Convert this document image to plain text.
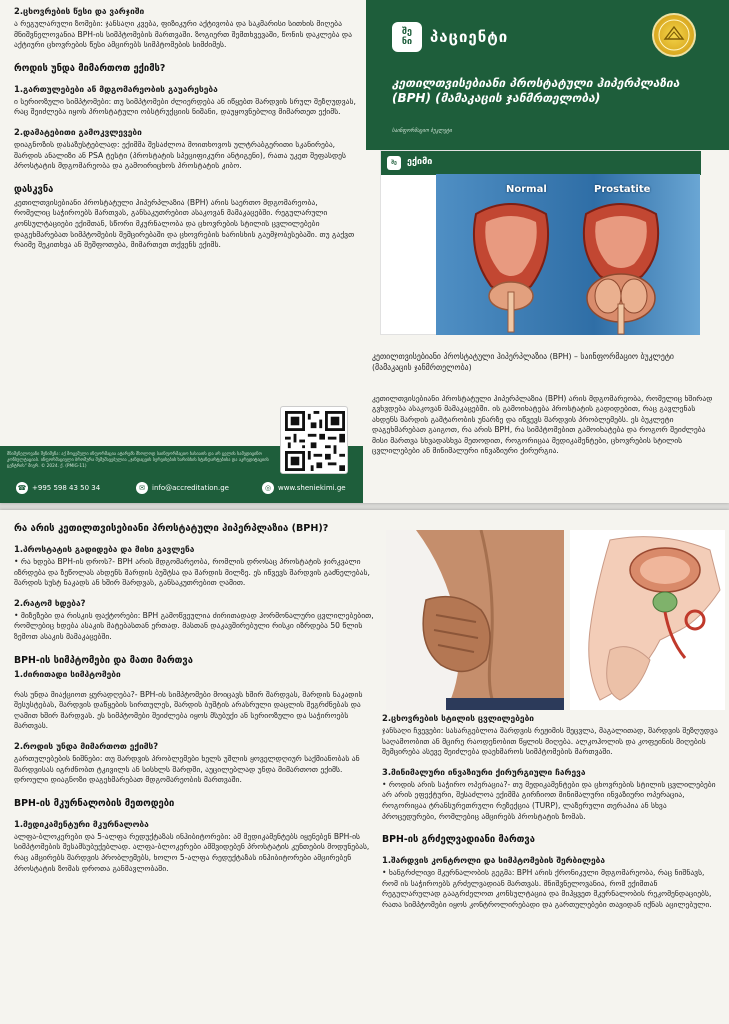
2.ცხოვრების წესი და ვარჯიში
ა რეგულარული ზომები: ჯანსაღი კვება, ფიზიკური აქტივობა და საკმარისი სითხის მიღება მნიშვნელოვანია BPH-ის სიმპტომების მართვაში. ზოგიერთ შემთხვევაში, წონის დაკლება და აქტიური ცხოვრების წესი ამცირებს სიმპტომების სიმძიმეს.
როდის უნდა მიმართოთ ექიმს?
1.გართულებები ან მდგომარეობის გაუარესება
ი სერიოზული სიმპტომები: თუ სიმპტომები ძლიერდება ან იწყებთ შარდვის სრულ შეზღუდვას, რაც შეიძლება იყოს პროსტატული ობსტრუქციის ნიშანი, დაუყოვნებლივ მიმართეთ ექიმს.
2.დამატებითი გამოკვლევები
დიაგნოზის დასაზუსტებლად: ექიმმა შესაძლოა მოითხოვოს ულტრაბგერითი სკანირება, შარდის ანალიზი ან PSA ტესტი (პროსტატის სპეციფიკური ანტიგენი), რათა უკეთ შეფასდეს პროსტატის მდგომარეობა და გამოირიცხოს პროსტატის კიბო.
დასკვნა
კეთილთვისებიანი პროსტატული ჰიპერპლაზია (BPH) არის საერთო მდგომარეობა, რომელიც საჭიროებს მართვას, განსაკუთრებით ასაკოვან მამაკაცებში. რეგულარული კონსულტაციები ექიმთან, სწორი მკურნალობა და ცხოვრების სტილის ცვლილებები დაგეხმარებათ სიმპტომების შემცირებაში და ცხოვრების ხარისხის გაუმჯობესებაში. თუ გაქვთ რაიმე შეკითხვა ან შეშფოთება, მიმართეთ თქვენს ექიმს.
მნიშვნელოვანი შენიშვნა: აქ მოცემული ინფორმაცია ატარებს მხოლოდ საინფორმაციო ხასიათს და არ ცვლის სამედიცინო კონსულტაციას. ინფორმაციული ბროშურა შემუშავებულია „ჯანდაცვის სერვისების ხარისხის სტანდარტებისა და აკრედიტაციის ცენტრის“ მიერ. © 2024. ქ. (PMIG-11)
☎ +995 598 43 50 34	✉	info@accreditation.ge	◎ www.sheniekimi.ge
შე
ნი	პაციენტი
კეთილთვისებიანი პროსტატული ჰიპერპლაზია (BPH) (მამაკაცის ჯანმრთელობა)
საინფორმაციო ბუკლეტი
შე	ექიმი
Normal	Prostatite
კეთილთვისებიანი პროსტატული ჰიპერპლაზია (BPH) – საინფორმაციო ბუკლეტი (მამაკაცის ჯანმრთელობა)
კეთილთვისებიანი პროსტატული ჰიპერპლაზია (BPH) არის მდგომარეობა, რომელიც ხშირად გვხვდება ასაკოვან მამაკაცებში. ის გამოიხატება პროსტატის გადიდებით, რაც გავლენას ახდენს შარდის გამტარობის უნარზე და იწვევს შარდვის პრობლემებს. ეს ბუკლეტი დაგეხმარებათ გაიგოთ, რა არის BPH, რა სიმპტომებით გამოიხატება და როგორ შეიძლება მისი მართვა სხვადასხვა მეთოდით, როგორიცაა მედიკამენტები, ცხოვრების სტილის ცვლილებები ან მინიმალური ინვაზიური ქირურგია.
რა არის კეთილთვისებიანი პროსტატული ჰიპერპლაზია (BPH)?
1.პროსტატის გადიდება და მისი გავლენა
• რა ხდება BPH-ის დროს?- BPH არის მდგომარეობა, რომლის დროსაც პროსტატის ჯირკვალი იზრდება და ზეწოლას ახდენს შარდის ბუშტსა და შარდის მილზე. ეს იწვევს შარდვის გაძნელებას, შარდის სუსტ ნაკადს ან ხშირ შარდვას, განსაკუთრებით ღამით.
2.რატომ ხდება?
• მიზეზები და რისკის ფაქტორები: BPH გამოწვეულია ძირითადად ჰორმონალური ცვლილებებით, რომლებიც ხდება ასაკის მატებასთან ერთად. მასთან დაკავშირებული რისკი იზრდება 50 წლის ზემოთ ასაკის მამაკაცებში.
BPH-ის სიმპტომები და მათი მართვა
1.ძირითადი სიმპტომები
რას უნდა მიაქციოთ ყურადღება?- BPH-ის სიმპტომები მოიცავს ხშირ შარდვას, შარდის ნაკადის შესუსტებას, შარდვის დაწყების სირთულეს, შარდის ბუშტის არასრული დაცლის შეგრძნებას და ღამით ხშირ შარდვას. ეს სიმპტომები შეიძლება იყოს მსუბუქი ან სერიოზული და საჭიროებს მართვას.
2.როდის უნდა მიმართოთ ექიმს?
გართულებების ნიშნები: თუ შარდვის პრობლემები ხელს უშლის ყოველდღიურ საქმიანობას ან შარდვისას იგრძნობთ ტკივილს ან სისხლს შარდში, აუცილებლად უნდა მიმართოთ ექიმს. დროული დიაგნოზი დაგეხმარებათ მდგომარეობის მართვაში.
BPH-ის მკურნალობის მეთოდები
1.მედიკამენტური მკურნალობა
ალფა-ბლოკერები და 5-ალფა რედუქტაზას ინჰიბიტორები: ამ მედიკამენტებს იყენებენ BPH-ის სიმპტომების შესამსუბუქებლად. ალფა-ბლოკერები ამშვიდებენ პროსტატის კუნთების მოდუნებას, რაც ამცირებს შარდვის პრობლემებს, ხოლო 5-ალფა რედუქტაზას ინჰიბიტორები ამცირებენ პროსტატის ზომას დროთა განმავლობაში.
2.ცხოვრების სტილის ცვლილებები
ჯანსაღი ჩვევები: სასარგებლოა შარდვის რეჟიმის შეცვლა, მაგალითად, შარდვის შეზღუდვა საღამოობით ან მცირე რაოდენობით წყლის მიღება. ალკოჰოლის და კოფეინის მიღების შემცირება ასევე შეიძლება დაეხმაროს სიმპტომების მართვაში.
3.მინიმალური ინვაზიური ქირურგიული ჩარევა
• როდის არის საჭირო ოპერაცია?- თუ მედიკამენტები და ცხოვრების სტილის ცვლილებები არ არის ეფექტური, შესაძლოა ექიმმა გირჩიოთ მინიმალური ინვაზიური ოპერაცია, როგორიცაა ტრანსურეთრული რეზექცია (TURP), ლაზერული თერაპია ან სხვა პროცედურები, რომლებიც ამცირებს პროსტატის ზომას.
BPH-ის გრძელვადიანი მართვა
1.შარდვის კონტროლი და სიმპტომების შერბილება
• ხანგრძლივი მკურნალობის გეგმა: BPH არის ქრონიკული მდგომარეობა, რაც ნიშნავს, რომ ის საჭიროებს გრძელვადიან მართვას. მნიშვნელოვანია, რომ ექიმთან რეგულარულად გააგრძელოთ კონსულტაცია და მიჰყვეთ მკურნალობის რეკომენდაციებს, რათა სიმპტომები იყოს კონტროლირებადი და გართულებები თავიდან იქნას აცილებული.
